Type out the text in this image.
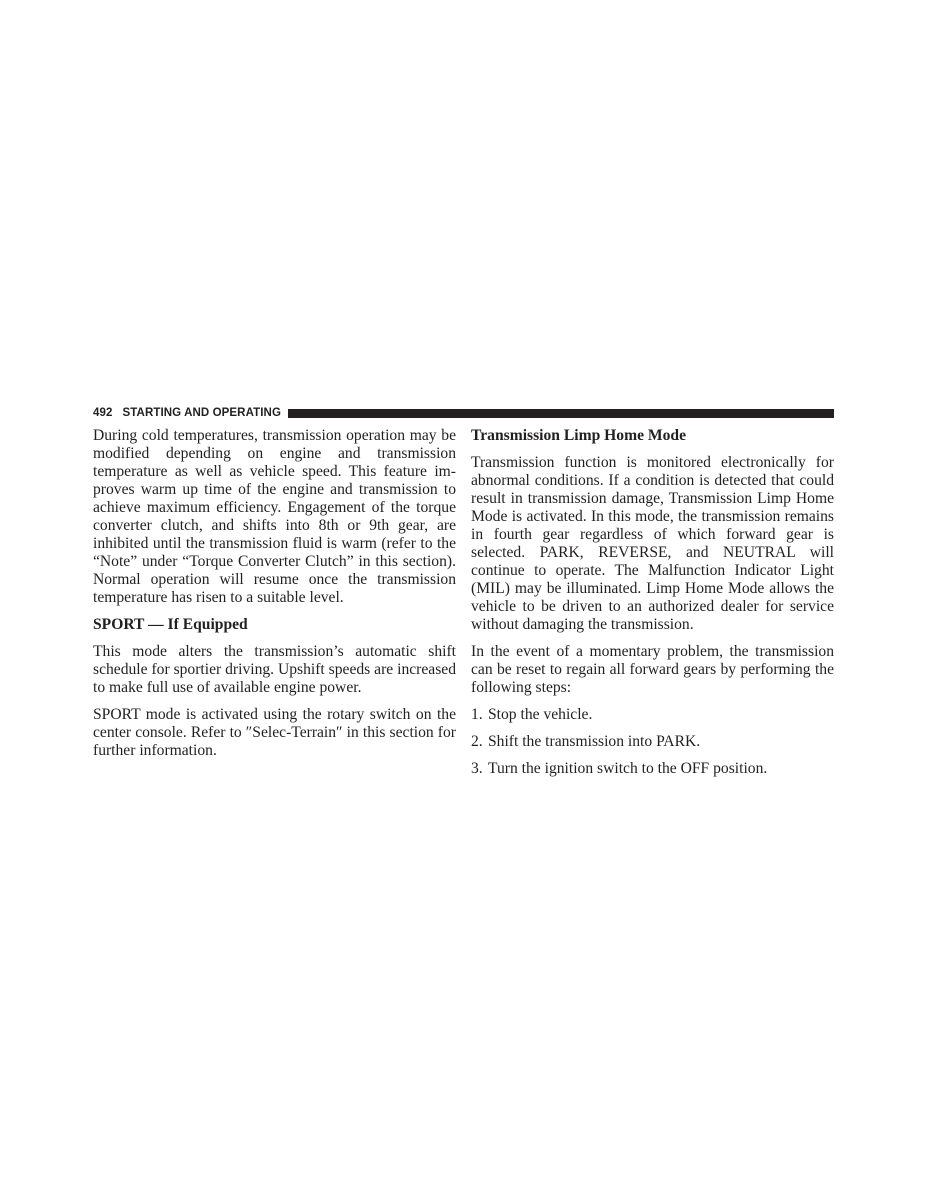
492 STARTING AND OPERATING

During cold temperatures, transmission operation may be modified depending on engine and transmission temperature as well as vehicle speed. This feature improves warm up time of the engine and transmission to achieve maximum efficiency. Engagement of the torque converter clutch, and shifts into 8th or 9th gear, are inhibited until the transmission fluid is warm (refer to the “Note” under “Torque Converter Clutch” in this section). Normal operation will resume once the transmission temperature has risen to a suitable level.

SPORT — If Equipped

This mode alters the transmission’s automatic shift schedule for sportier driving. Upshift speeds are increased to make full use of available engine power.

SPORT mode is activated using the rotary switch on the center console. Refer to ″Selec-Terrain″ in this section for further information.

Transmission Limp Home Mode

Transmission function is monitored electronically for abnormal conditions. If a condition is detected that could result in transmission damage, Transmission Limp Home Mode is activated. In this mode, the transmission remains in fourth gear regardless of which forward gear is selected. PARK, REVERSE, and NEUTRAL will continue to operate. The Malfunction Indicator Light (MIL) may be illuminated. Limp Home Mode allows the vehicle to be driven to an authorized dealer for service without damaging the transmission.

In the event of a momentary problem, the transmission can be reset to regain all forward gears by performing the following steps:

1. Stop the vehicle.
2. Shift the transmission into PARK.
3. Turn the ignition switch to the OFF position.
